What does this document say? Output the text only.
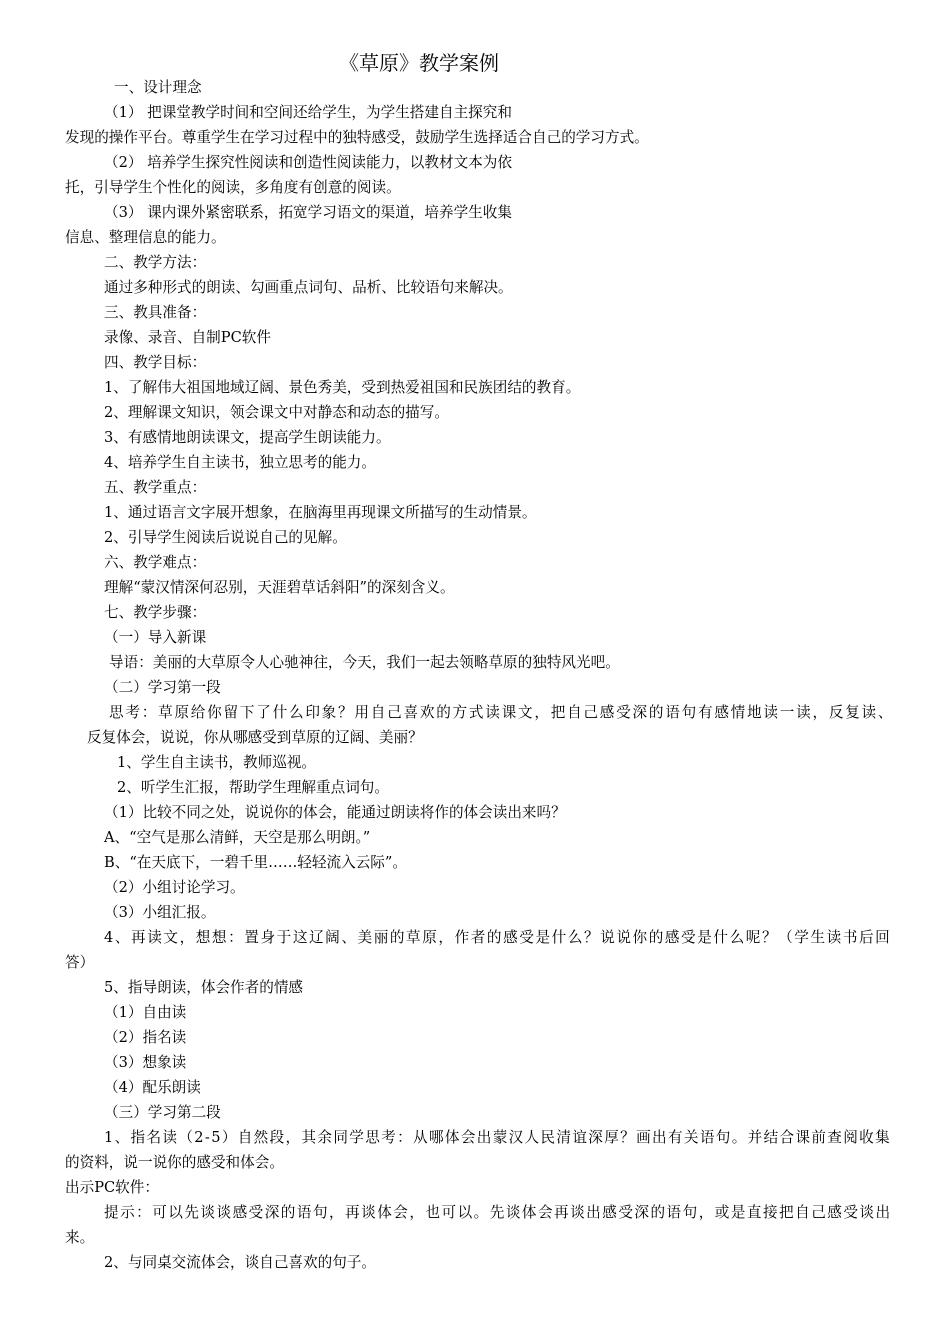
《草原》教学案例
一、设计理念
（1） 把课堂教学时间和空间还给学生，为学生搭建自主探究和
发现的操作平台。尊重学生在学习过程中的独特感受，鼓励学生选择适合自己的学习方式。
（2） 培养学生探究性阅读和创造性阅读能力，以教材文本为依
托，引导学生个性化的阅读，多角度有创意的阅读。
（3） 课内课外紧密联系，拓宽学习语文的渠道，培养学生收集
信息、整理信息的能力。
二、教学方法：
通过多种形式的朗读、勾画重点词句、品析、比较语句来解决。
三、教具准备：
录像、录音、自制PC软件
四、教学目标：
1、了解伟大祖国地域辽阔、景色秀美，受到热爱祖国和民族团结的教育。
2、理解课文知识，领会课文中对静态和动态的描写。
3、有感情地朗读课文，提高学生朗读能力。
4、培养学生自主读书，独立思考的能力。
五、教学重点：
1、通过语言文字展开想象，在脑海里再现课文所描写的生动情景。
2、引导学生阅读后说说自己的见解。
六、教学难点：
理解“蒙汉情深何忍别，天涯碧草话斜阳”的深刻含义。
七、教学步骤：
（一）导入新课
导语：美丽的大草原令人心驰神往，今天，我们一起去领略草原的独特风光吧。
（二）学习第一段
思考：草原给你留下了什么印象？用自己喜欢的方式读课文，把自己感受深的语句有感情地读一读，反复读、
反复体会，说说，你从哪感受到草原的辽阔、美丽？
1、学生自主读书，教师巡视。
2、听学生汇报，帮助学生理解重点词句。
（1）比较不同之处，说说你的体会，能通过朗读将作的体会读出来吗？
A、“空气是那么清鲜，天空是那么明朗。”
B、“在天底下，一碧千里……轻轻流入云际”。
（2）小组讨论学习。
（3）小组汇报。
4、再读文，想想：置身于这辽阔、美丽的草原，作者的感受是什么？说说你的感受是什么呢？（学生读书后回
答）
5、指导朗读，体会作者的情感
（1）自由读
（2）指名读
（3）想象读
（4）配乐朗读
（三）学习第二段
1、指名读（2-5）自然段，其余同学思考：从哪体会出蒙汉人民清谊深厚？画出有关语句。并结合课前查阅收集
的资料，说一说你的感受和体会。
出示PC软件：
提示：可以先谈谈感受深的语句，再谈体会，也可以。先谈体会再谈出感受深的语句，或是直接把自己感受谈出
来。
2、与同桌交流体会，谈自己喜欢的句子。
